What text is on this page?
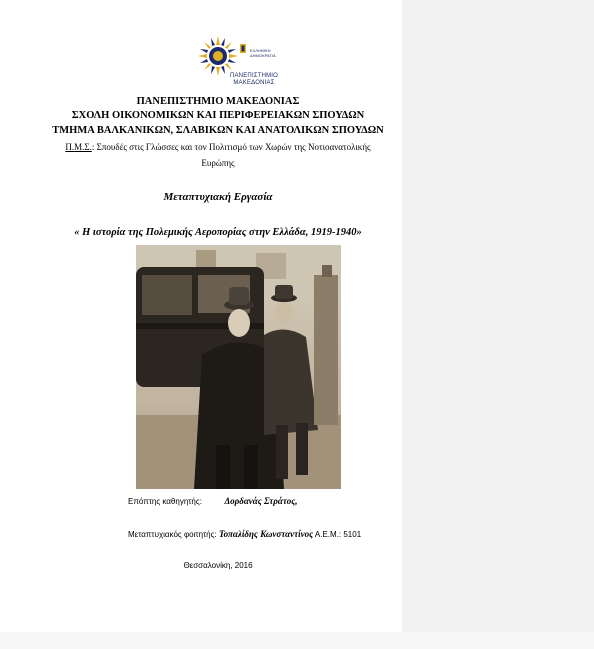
ΕΛΛΗΝΙΚΗ
ΔΗΜΟΚΡΑΤΙΑ
ΠΑΝΕΠΙΣΤΗΜΙΟ
ΜΑΚΕΔΟΝΙΑΣ
ΠΑΝΕΠΙΣΤΗΜΙΟ ΜΑΚΕΔΟΝΙΑΣ
ΣΧΟΛΗ ΟΙΚΟΝΟΜΙΚΩΝ ΚΑΙ ΠΕΡΙΦΕΡΕΙΑΚΩΝ ΣΠΟΥΔΩΝ
ΤΜΗΜΑ ΒΑΛΚΑΝΙΚΩΝ, ΣΛΑΒΙΚΩΝ ΚΑΙ ΑΝΑΤΟΛΙΚΩΝ ΣΠΟΥΔΩΝ
Π.Μ.Σ.: Σπουδές στις Γλώσσες και τον Πολιτισμό των Χωρών της Νοτιοανατολικής
Ευρώπης
Μεταπτυχιακή Εργασία
« Η ιστορία της Πολεμικής Αεροπορίας στην Ελλάδα, 1919-1940»
Επόπτης καθηγητής: Δορδανάς Στράτος,
Μεταπτυχιακός φοιτητής: Τοπαλίδης Κωνσταντίνος Α.Ε.Μ.: 5101
Θεσσαλονίκη, 2016
